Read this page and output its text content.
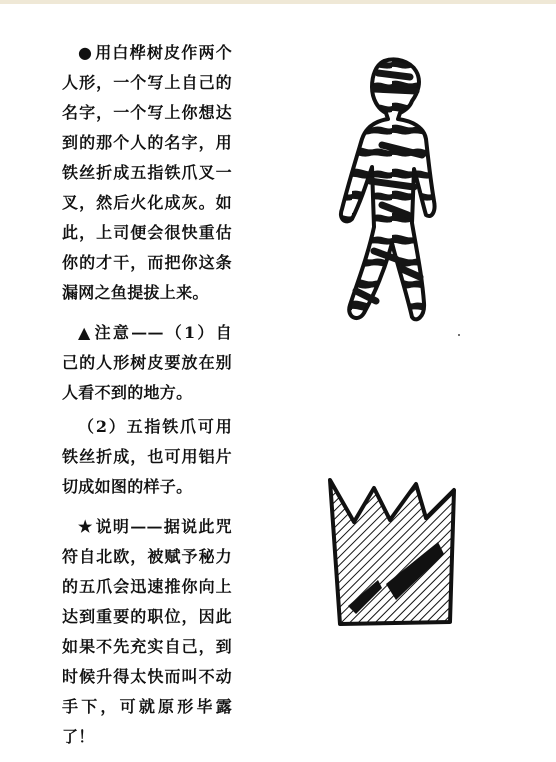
● 用白桦树皮作两个人形，一个写上自己的名字，一个写上你想达到的那个人的名字，用铁丝折成五指铁爪叉一叉，然后火化成灰。如此，上司便会很快重估你的才干，而把你这条漏网之鱼提拔上来。

▲ 注意——（1）自己的人形树皮要放在别人看不到的地方。

（2）五指铁爪可用铁丝折成，也可用铝片切成如图的样子。

★ 说明——据说此咒符自北欧，被赋予秘力的五爪会迅速推你向上达到重要的职位，因此如果不先充实自己，到时候升得太快而叫不动手下，可就原形毕露了！
